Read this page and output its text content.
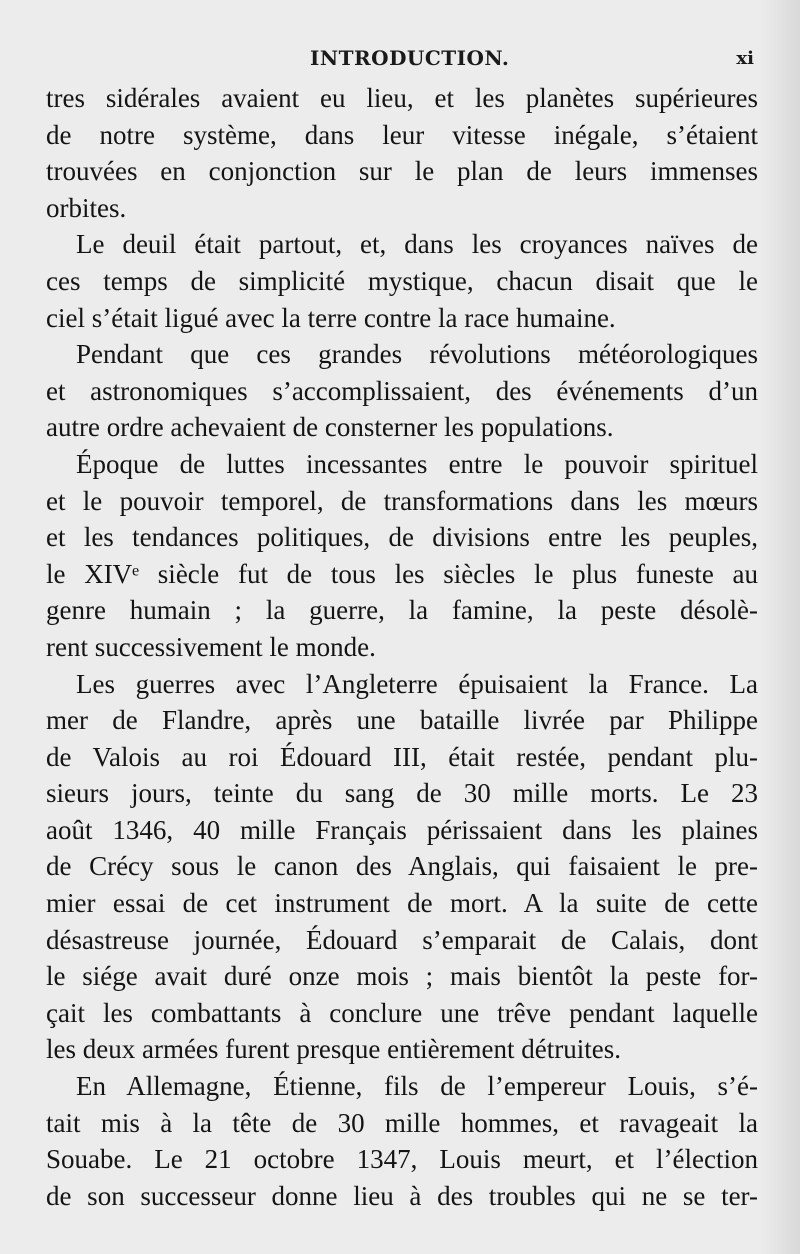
INTRODUCTION.	xi
tres sidérales avaient eu lieu, et les planètes supérieures
de notre système, dans leur vitesse inégale, s’étaient
trouvées en conjonction sur le plan de leurs immenses
orbites.
Le deuil était partout, et, dans les croyances naïves de
ces temps de simplicité mystique, chacun disait que le
ciel s’était ligué avec la terre contre la race humaine.
Pendant que ces grandes révolutions météorologiques
et astronomiques s’accomplissaient, des événements d’un
autre ordre achevaient de consterner les populations.
Époque de luttes incessantes entre le pouvoir spirituel
et le pouvoir temporel, de transformations dans les mœurs
et les tendances politiques, de divisions entre les peuples,
le XIVᵉ siècle fut de tous les siècles le plus funeste au
genre humain ; la guerre, la famine, la peste désolè-
rent successivement le monde.
Les guerres avec l’Angleterre épuisaient la France. La
mer de Flandre, après une bataille livrée par Philippe
de Valois au roi Édouard III, était restée, pendant plu-
sieurs jours, teinte du sang de 30 mille morts. Le 23
août 1346, 40 mille Français périssaient dans les plaines
de Crécy sous le canon des Anglais, qui faisaient le pre-
mier essai de cet instrument de mort. A la suite de cette
désastreuse journée, Édouard s’emparait de Calais, dont
le siége avait duré onze mois ; mais bientôt la peste for-
çait les combattants à conclure une trêve pendant laquelle
les deux armées furent presque entièrement détruites.
En Allemagne, Étienne, fils de l’empereur Louis, s’é-
tait mis à la tête de 30 mille hommes, et ravageait la
Souabe. Le 21 octobre 1347, Louis meurt, et l’élection
de son successeur donne lieu à des troubles qui ne se ter-
